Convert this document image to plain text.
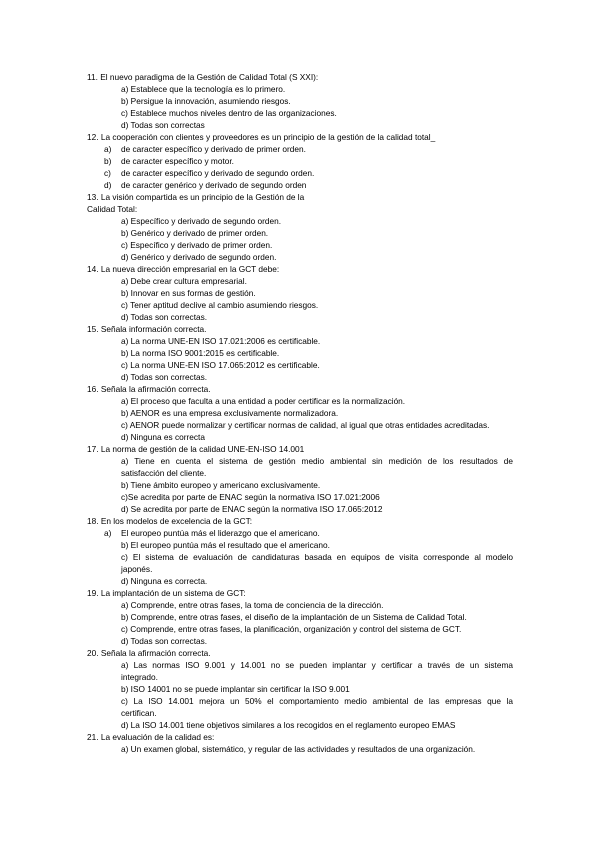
11. El nuevo paradigma de la Gestión de Calidad Total (S XXI):
a) Establece que la tecnología es lo primero.
b) Persigue la innovación, asumiendo riesgos.
c) Establece muchos niveles dentro de las organizaciones.
d) Todas son correctas
12. La cooperación con clientes y proveedores es un principio de la gestión de la calidad total_
a) de caracter específico y derivado de primer orden.
b) de caracter específico y motor.
c) de caracter específico y derivado de segundo orden.
d) de caracter genérico y derivado de segundo orden
13. La visión compartida es un principio de la Gestión de la
Calidad Total:
a) Específico y derivado de segundo orden.
b) Genérico y derivado de primer orden.
c) Específico y derivado de primer orden.
d) Genérico y derivado de segundo orden.
14. La nueva dirección empresarial en la GCT debe:
a) Debe crear cultura empresarial.
b) Innovar en sus formas de gestión.
c) Tener aptitud declive al cambio asumiendo riesgos.
d) Todas son correctas.
15. Señala información correcta.
a) La norma UNE-EN ISO 17.021:2006 es certificable.
b) La norma ISO 9001:2015 es certificable.
c) La norma UNE-EN ISO 17.065:2012 es certificable.
d) Todas son correctas.
16. Señala la afirmación correcta.
a) El proceso que faculta a una entidad a poder certificar es la normalización.
b) AENOR es una empresa exclusivamente normalizadora.
c) AENOR puede normalizar y certificar normas de calidad, al igual que otras entidades acreditadas.
d) Ninguna es correcta
17. La norma de gestión de la calidad UNE-EN-ISO 14.001
a) Tiene en cuenta el sistema de gestión medio ambiental sin medición de los resultados de
satisfacción del cliente.
b) Tiene ámbito europeo y americano exclusivamente.
c)Se acredita por parte de ENAC según la normativa ISO 17.021:2006
d) Se acredita por parte de ENAC según la normativa ISO 17.065:2012
18. En los modelos de excelencia de la GCT:
a) El europeo puntúa más el liderazgo que el americano.
b) El europeo puntúa más el resultado que el americano.
c) El sistema de evaluación de candidaturas basada en equipos de visita corresponde al modelo
japonés.
d) Ninguna es correcta.
19. La implantación de un sistema de GCT:
a) Comprende, entre otras fases, la toma de conciencia de la dirección.
b) Comprende, entre otras fases, el diseño de la implantación de un Sistema de Calidad Total.
c) Comprende, entre otras fases, la planificación, organización y control del sistema de GCT.
d) Todas son correctas.
20. Señala la afirmación correcta.
a) Las normas ISO 9.001 y 14.001 no se pueden implantar y certificar a través de un sistema
integrado.
b) ISO 14001 no se puede implantar sin certificar la ISO 9.001
c) La ISO 14.001 mejora un 50% el comportamiento medio ambiental de las empresas que la
certifican.
d) La ISO 14.001 tiene objetivos similares a los recogidos en el reglamento europeo EMAS
21. La evaluación de la calidad es:
a) Un examen global, sistemático, y regular de las actividades y resultados de una organización.
